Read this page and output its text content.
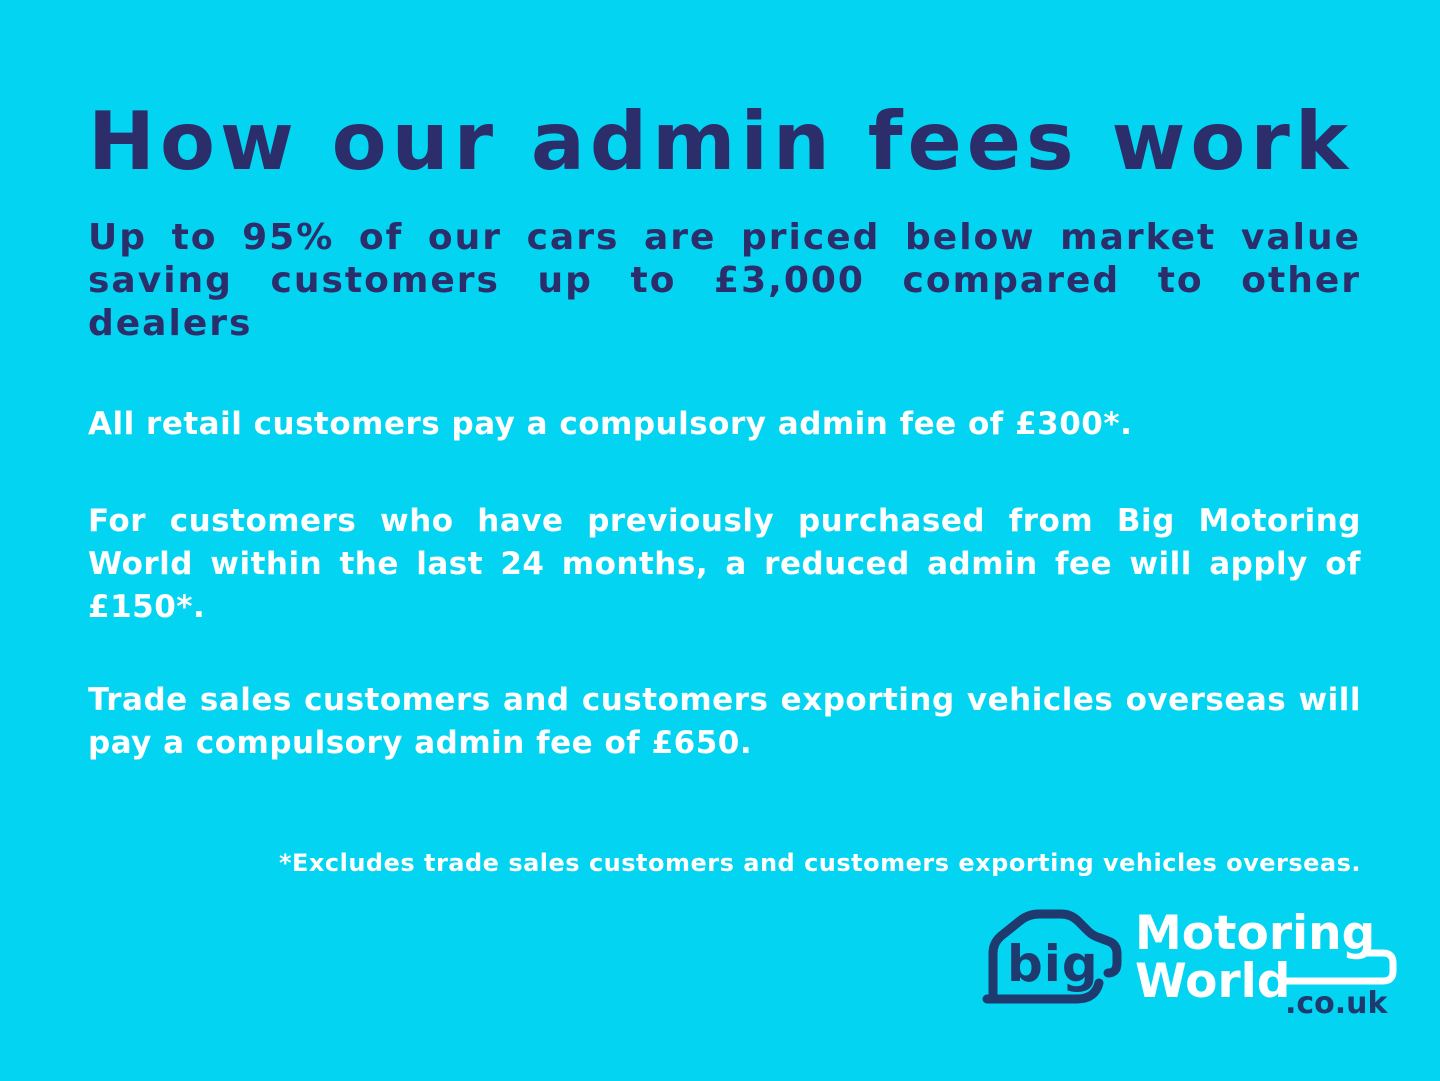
How our admin fees work
Up to 95% of our cars are priced below market value
saving customers up to £3,000 compared to other
dealers
All retail customers pay a compulsory admin fee of £300*.
For customers who have previously purchased from Big Motoring
World within the last 24 months, a reduced admin fee will apply of
£150*.
Trade sales customers and customers exporting vehicles overseas will
pay a compulsory admin fee of £650.
*Excludes trade sales customers and customers exporting vehicles overseas.
big
Motoring
World
.co.uk
